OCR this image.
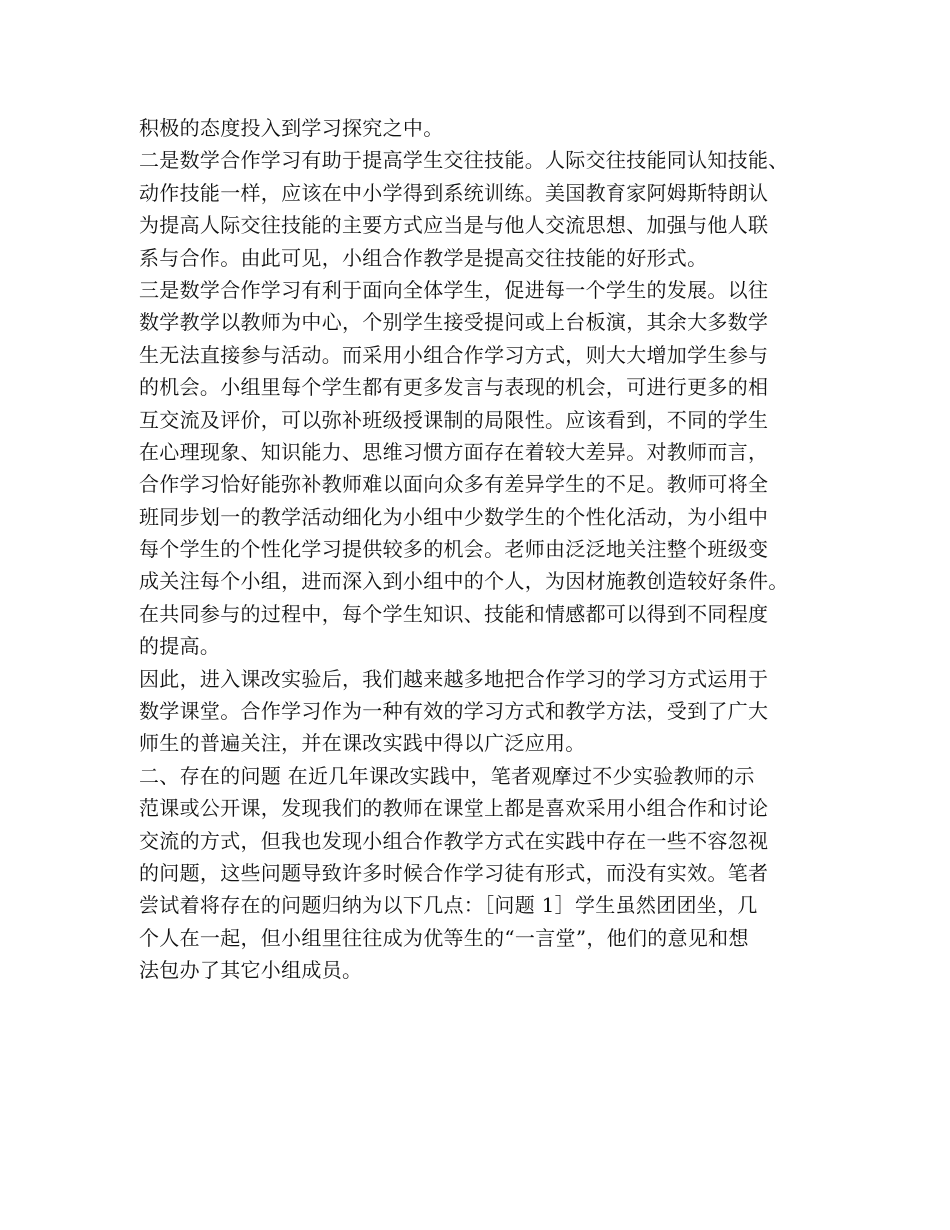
积极的态度投入到学习探究之中。
二是数学合作学习有助于提高学生交往技能。人际交往技能同认知技能、
动作技能一样，应该在中小学得到系统训练。美国教育家阿姆斯特朗认
为提高人际交往技能的主要方式应当是与他人交流思想、加强与他人联
系与合作。由此可见，小组合作教学是提高交往技能的好形式。
三是数学合作学习有利于面向全体学生，促进每一个学生的发展。以往
数学教学以教师为中心，个别学生接受提问或上台板演，其余大多数学
生无法直接参与活动。而采用小组合作学习方式，则大大增加学生参与
的机会。小组里每个学生都有更多发言与表现的机会，可进行更多的相
互交流及评价，可以弥补班级授课制的局限性。应该看到，不同的学生
在心理现象、知识能力、思维习惯方面存在着较大差异。对教师而言，
合作学习恰好能弥补教师难以面向众多有差异学生的不足。教师可将全
班同步划一的教学活动细化为小组中少数学生的个性化活动，为小组中
每个学生的个性化学习提供较多的机会。老师由泛泛地关注整个班级变
成关注每个小组，进而深入到小组中的个人，为因材施教创造较好条件。
在共同参与的过程中，每个学生知识、技能和情感都可以得到不同程度
的提高。
因此，进入课改实验后，我们越来越多地把合作学习的学习方式运用于
数学课堂。合作学习作为一种有效的学习方式和教学方法，受到了广大
师生的普遍关注，并在课改实践中得以广泛应用。
二、存在的问题 在近几年课改实践中，笔者观摩过不少实验教师的示
范课或公开课，发现我们的教师在课堂上都是喜欢采用小组合作和讨论
交流的方式，但我也发现小组合作教学方式在实践中存在一些不容忽视
的问题，这些问题导致许多时候合作学习徒有形式，而没有实效。笔者
尝试着将存在的问题归纳为以下几点：［问题 1］学生虽然团团坐，几
个人在一起，但小组里往往成为优等生的“一言堂”，他们的意见和想
法包办了其它小组成员。
